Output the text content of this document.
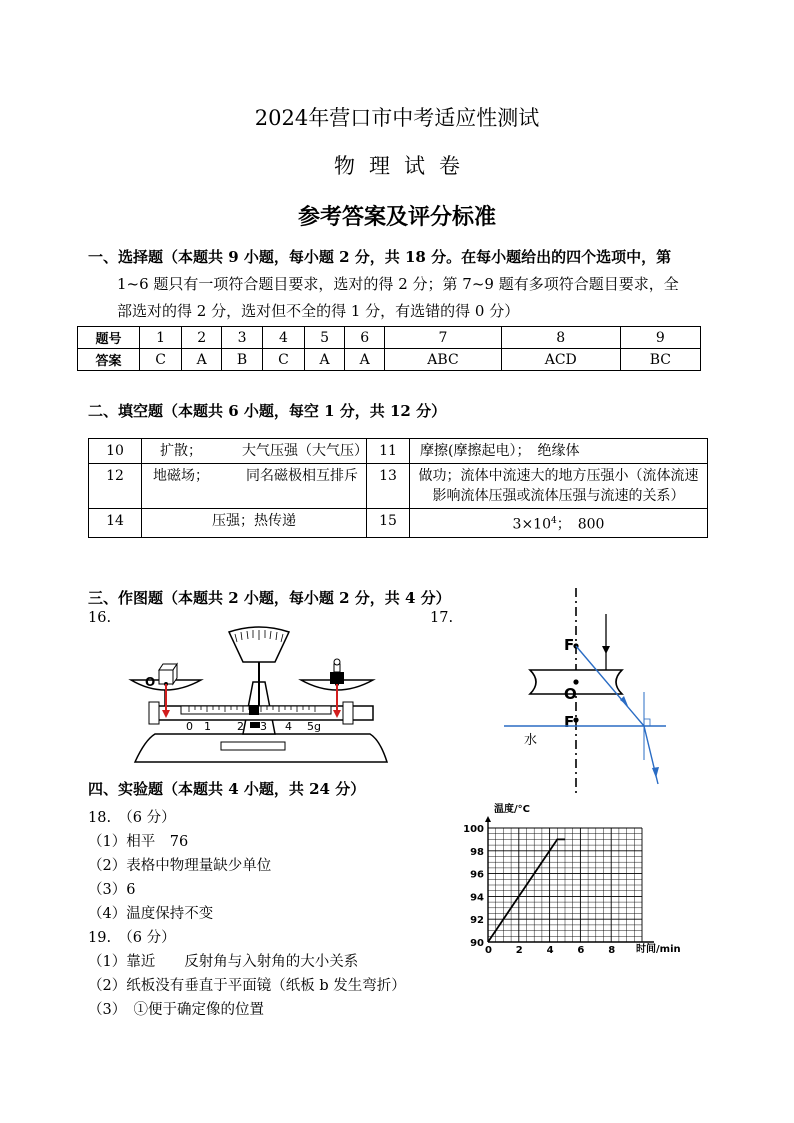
2024年营口市中考适应性测试
物理试卷
参考答案及评分标准
一、选择题（本题共 9 小题，每小题 2 分，共 18 分。在每小题给出的四个选项中，第
1~6 题只有一项符合题目要求，选对的得 2 分；第 7~9 题有多项符合题目要求，全
部选对的得 2 分，选对但不全的得 1 分，有选错的得 0 分）
题号	1	2	3	4	5	6	7	8	9
答案	C	A	B	C	A	A	ABC	ACD	BC
二、填空题（本题共 6 小题，每空 1 分，共 12 分）
10	扩散； 大气压强（大气压）	11	摩擦(摩擦起电）；　绝缘体
12	地磁场； 同名磁极相互排斥	13	做功；流体中流速大的地方压强小（流体流速影响流体压强或流体压强与流速的关系）
14	压强；热传递	15	$3\times 10^4$；　800
三、作图题（本题共 2 小题，每小题 2 分，共 4 分）
16.	17.
0 1 2 3 4 5g
O
F
O
F
水
四、实验题（本题共 4 小题，共 24 分）
18.　（6 分）
（1）相平　76
（2）表格中物理量缺少单位
（3）6
（4）温度保持不变
19.　（6 分）
（1）靠近　　反射角与入射角的大小关系
（2）纸板没有垂直于平面镜（纸板 b 发生弯折）
（3）　①便于确定像的位置
温度/°C
时间/min
0 2 4 6 8
90
92
94
96
98
100
